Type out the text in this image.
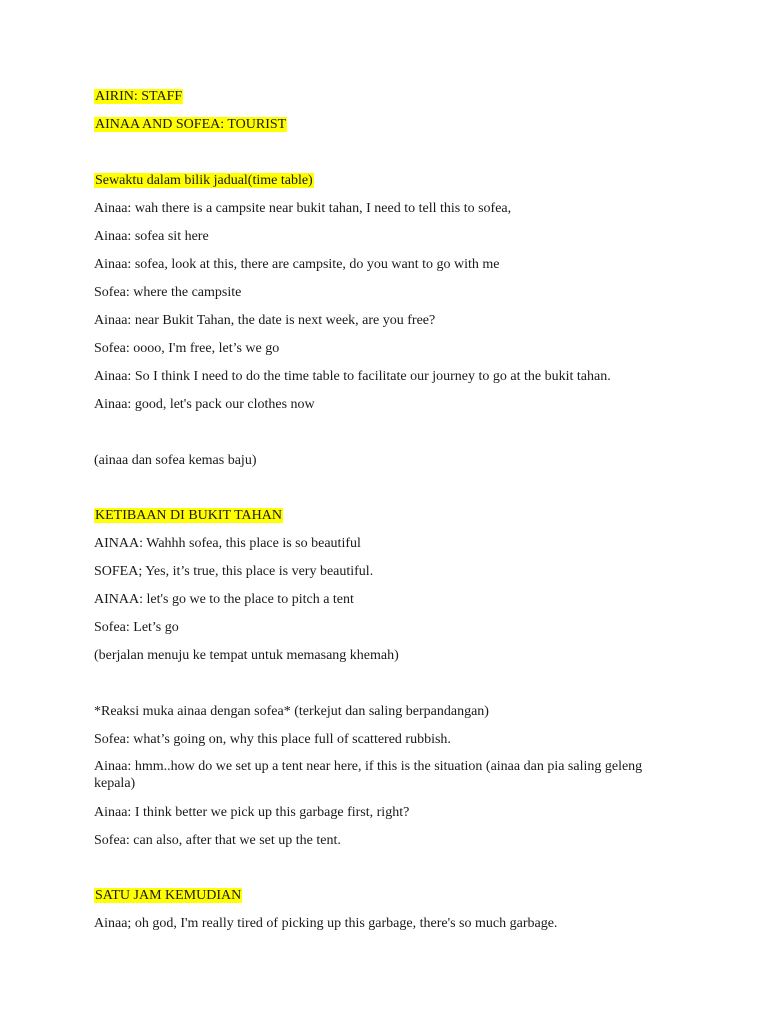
AIRIN: STAFF
AINAA AND SOFEA: TOURIST
Sewaktu dalam bilik jadual(time table)
Ainaa: wah there is a campsite near bukit tahan, I need to tell this to sofea,
Ainaa: sofea sit here
Ainaa: sofea, look at this, there are campsite, do you want to go with me
Sofea: where the campsite
Ainaa: near Bukit Tahan, the date is next week, are you free?
Sofea: oooo, I'm free, let’s we go
Ainaa: So I think I need to do the time table to facilitate our journey to go at the bukit tahan.
Ainaa: good, let's pack our clothes now
(ainaa dan sofea kemas baju)
KETIBAAN DI BUKIT TAHAN
AINAA: Wahhh sofea, this place is so beautiful
SOFEA; Yes, it’s true, this place is very beautiful.
AINAA: let's go we to the place to pitch a tent
Sofea: Let’s go
(berjalan menuju ke tempat untuk memasang khemah)
*Reaksi muka ainaa dengan sofea* (terkejut dan saling berpandangan)
Sofea: what’s going on, why this place full of scattered rubbish.
Ainaa: hmm..how do we set up a tent near here, if this is the situation (ainaa dan pia saling geleng kepala)
Ainaa: I think better we pick up this garbage first, right?
Sofea: can also, after that we set up the tent.
SATU JAM KEMUDIAN
Ainaa; oh god, I'm really tired of picking up this garbage, there's so much garbage.
